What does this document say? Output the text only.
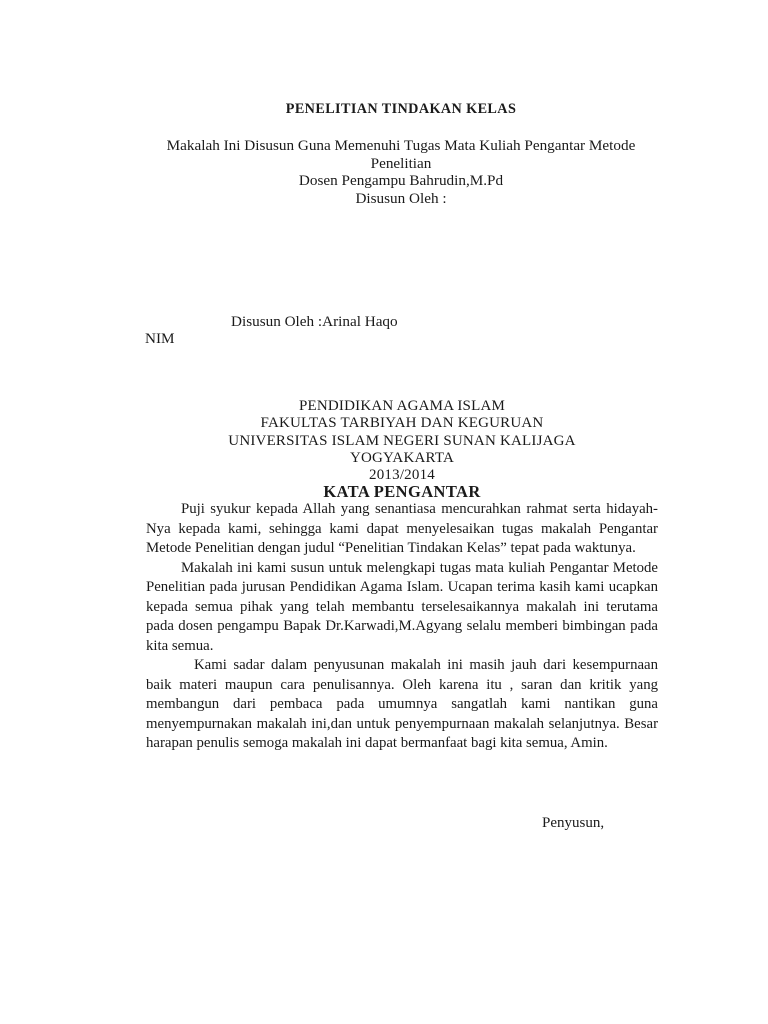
PENELITIAN TINDAKAN KELAS
Makalah Ini Disusun Guna Memenuhi Tugas Mata Kuliah Pengantar Metode
Penelitian
Dosen Pengampu Bahrudin,M.Pd
Disusun Oleh :
Disusun Oleh :Arinal Haqo
NIM
PENDIDIKAN AGAMA ISLAM
FAKULTAS TARBIYAH DAN KEGURUAN
UNIVERSITAS ISLAM NEGERI SUNAN KALIJAGA
YOGYAKARTA
2013/2014
KATA PENGANTAR

Puji syukur kepada Allah yang senantiasa mencurahkan rahmat serta hidayah-Nya kepada kami, sehingga kami dapat menyelesaikan tugas makalah Pengantar Metode Penelitian dengan judul “Penelitian Tindakan Kelas” tepat pada waktunya.

Makalah ini kami susun untuk melengkapi tugas mata kuliah Pengantar Metode Penelitian pada jurusan Pendidikan Agama Islam. Ucapan terima kasih kami ucapkan kepada semua pihak yang telah membantu terselesaikannya makalah ini terutama pada dosen pengampu Bapak Dr.Karwadi,M.Agyang selalu memberi bimbingan pada kita semua.

Kami sadar dalam penyusunan makalah ini masih jauh dari kesempurnaan baik materi maupun cara penulisannya. Oleh karena itu , saran dan kritik yang membangun dari pembaca pada umumnya sangatlah kami nantikan guna menyempurnakan makalah ini,dan untuk penyempurnaan makalah selanjutnya. Besar harapan penulis semoga makalah ini dapat bermanfaat bagi kita semua, Amin.

Penyusun,
